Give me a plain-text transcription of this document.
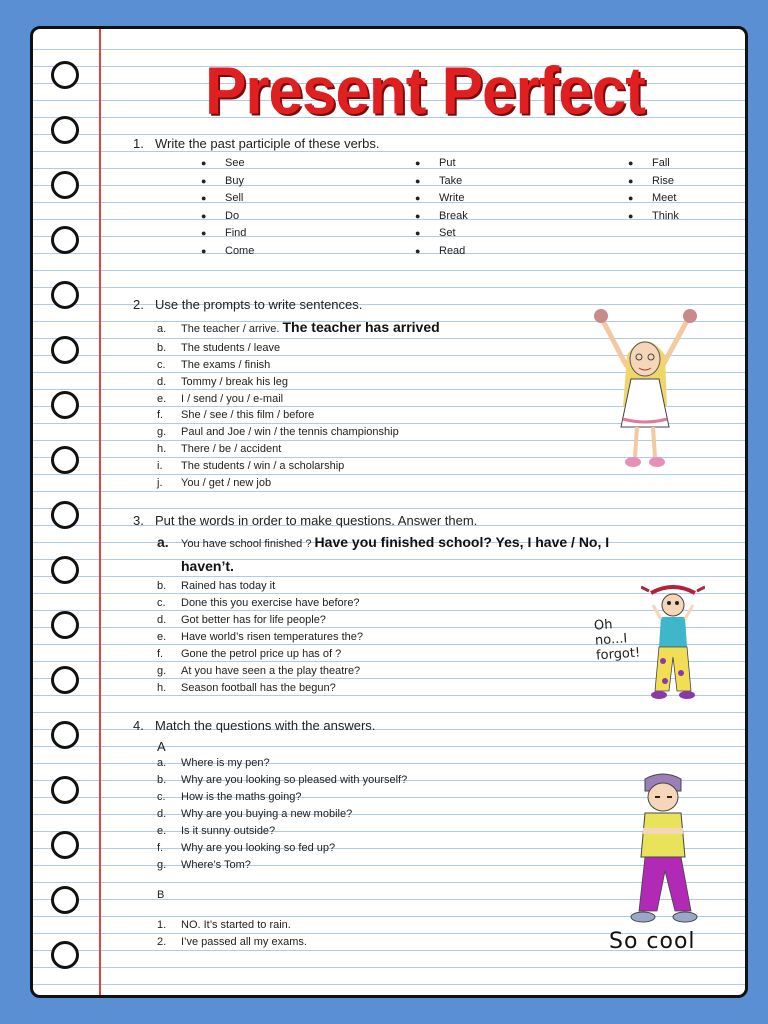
Present Perfect
1. Write the past participle of these verbs.
● See
● Buy
● Sell
● Do
● Find
● Come
● Put
● Take
● Write
● Break
● Set
● Read
● Fall
● Rise
● Meet
● Think
2. Use the prompts to write sentences.
a. The teacher / arrive. The teacher has arrived
b. The students / leave
c. The exams / finish
d. Tommy / break his leg
e. I / send / you / e-mail
f. She / see / this film / before
g. Paul and Joe / win / the tennis championship
h. There / be / accident
i. The students / win / a scholarship
j. You / get / new job
3. Put the words in order to make questions. Answer them.
a. You have school finished ? Have you finished school? Yes, I have / No, I
haven’t.
b. Rained has today it
c. Done this you exercise have before?
d. Got better has for life people?
e. Have world’s risen temperatures the?
f. Gone the petrol price up has of ?
g. At you have seen a the play theatre?
h. Season football has the begun?
Oh
no...I
forgot!
4. Match the questions with the answers.
A
a. Where is my pen?
b. Why are you looking so pleased with yourself?
c. How is the maths going?
d. Why are you buying a new mobile?
e. Is it sunny outside?
f. Why are you looking so fed up?
g. Where’s Tom?
B
1. NO. It’s started to rain.
2. I’ve passed all my exams.	So cool
